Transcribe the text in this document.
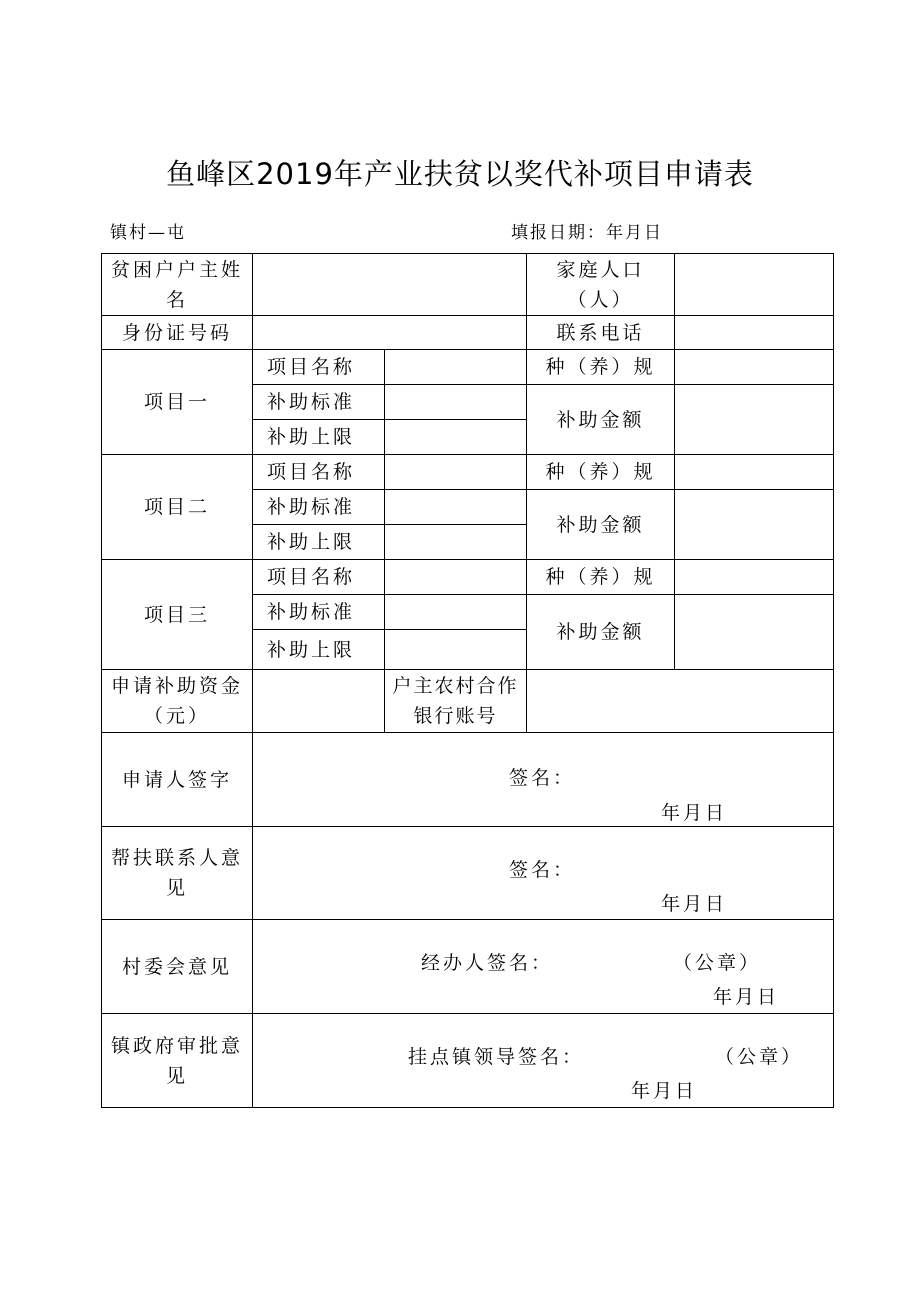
鱼峰区2019年产业扶贫以奖代补项目申请表
镇村—屯	填报日期：年月日
贫困户户主姓名			家庭人口（人）	
身份证号码			联系电话	
项目一	项目名称		种（养）规	
	补助标准		补助金额	
	补助上限			
项目二	项目名称		种（养）规	
	补助标准		补助金额	
	补助上限			
项目三	项目名称		种（养）规	
	补助标准		补助金额	
	补助上限			
申请补助资金（元）		户主农村合作银行账号		
申请人签字	签名：
年月日			

帮扶联系人意见	签名：
年月日			

村委会意见	经办人签名： （公章）
年月日			

镇政府审批意见	挂点镇领导签名： （公章）
年月日			
